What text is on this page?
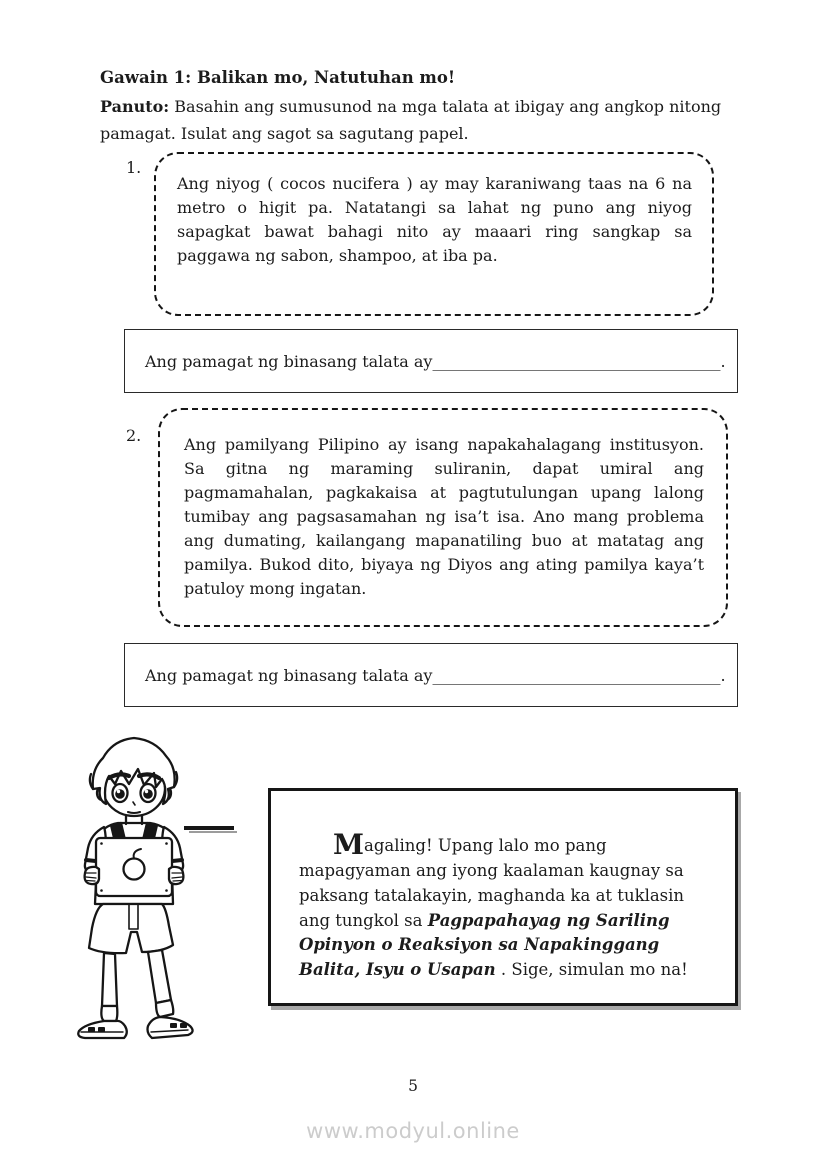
Gawain 1: Balikan mo, Natutuhan mo!

Panuto: Basahin ang sumusunod na mga talata at ibigay ang angkop nitong pamagat. Isulat ang sagot sa sagutang papel.

1.

Ang niyog ( cocos nucifera ) ay may karaniwang taas na 6 na metro o higit pa. Natatangi sa lahat ng puno ang niyog sapagkat bawat bahagi nito ay maaari ring sangkap sa paggawa ng sabon, shampoo, at iba pa.

Ang pamagat ng binasang talata ay ____________________________________ .
2.	Ang pamilyang Pilipino ay isang napakahalagang institusyon. Sa gitna ng maraming suliranin, dapat umiral ang pagmamahalan, pagkakaisa at pagtutulungan upang lalong tumibay ang pagsasamahan ng isa’t isa. Ano mang problema ang dumating, kailangang mapanatiling buo at matatag ang pamilya. Bukod dito, biyaya ng Diyos ang ating pamilya kaya’t patuloy mong ingatan.

Ang pamagat ng binasang talata ay ____________________________________ .

Magaling! Upang lalo mo pang mapagyaman ang iyong kaalaman kaugnay sa paksang tatalakayin, maghanda ka at tuklasin ang tungkol sa Pagpapahayag ng Sariling Opinyon o Reaksiyon sa Napakinggang Balita, Isyu o Usapan . Sige, simulan mo na!

5
www.modyul.online
